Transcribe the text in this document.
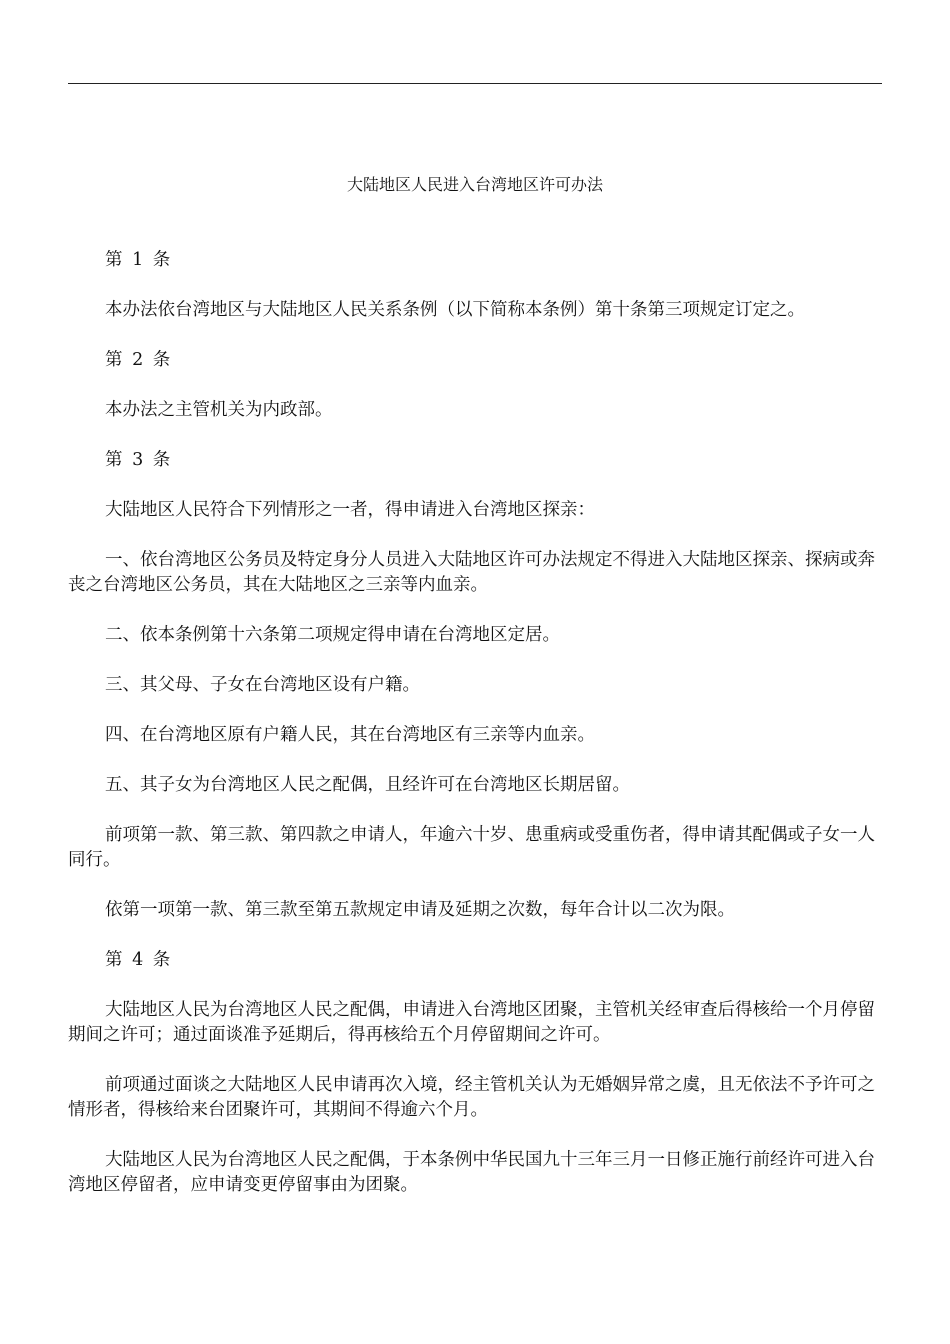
大陆地区人民进入台湾地区许可办法

第 1 条

本办法依台湾地区与大陆地区人民关系条例（以下简称本条例）第十条第三项规定订定之。

第 2 条

本办法之主管机关为内政部。

第 3 条

大陆地区人民符合下列情形之一者，得申请进入台湾地区探亲：

一、依台湾地区公务员及特定身分人员进入大陆地区许可办法规定不得进入大陆地区探亲、探病或奔丧之台湾地区公务员，其在大陆地区之三亲等内血亲。

二、依本条例第十六条第二项规定得申请在台湾地区定居。

三、其父母、子女在台湾地区设有户籍。

四、在台湾地区原有户籍人民，其在台湾地区有三亲等内血亲。

五、其子女为台湾地区人民之配偶，且经许可在台湾地区长期居留。

前项第一款、第三款、第四款之申请人，年逾六十岁、患重病或受重伤者，得申请其配偶或子女一人同行。

依第一项第一款、第三款至第五款规定申请及延期之次数，每年合计以二次为限。

第 4 条

大陆地区人民为台湾地区人民之配偶，申请进入台湾地区团聚，主管机关经审查后得核给一个月停留期间之许可；通过面谈准予延期后，得再核给五个月停留期间之许可。

前项通过面谈之大陆地区人民申请再次入境，经主管机关认为无婚姻异常之虞，且无依法不予许可之情形者，得核给来台团聚许可，其期间不得逾六个月。

大陆地区人民为台湾地区人民之配偶，于本条例中华民国九十三年三月一日修正施行前经许可进入台湾地区停留者，应申请变更停留事由为团聚。
